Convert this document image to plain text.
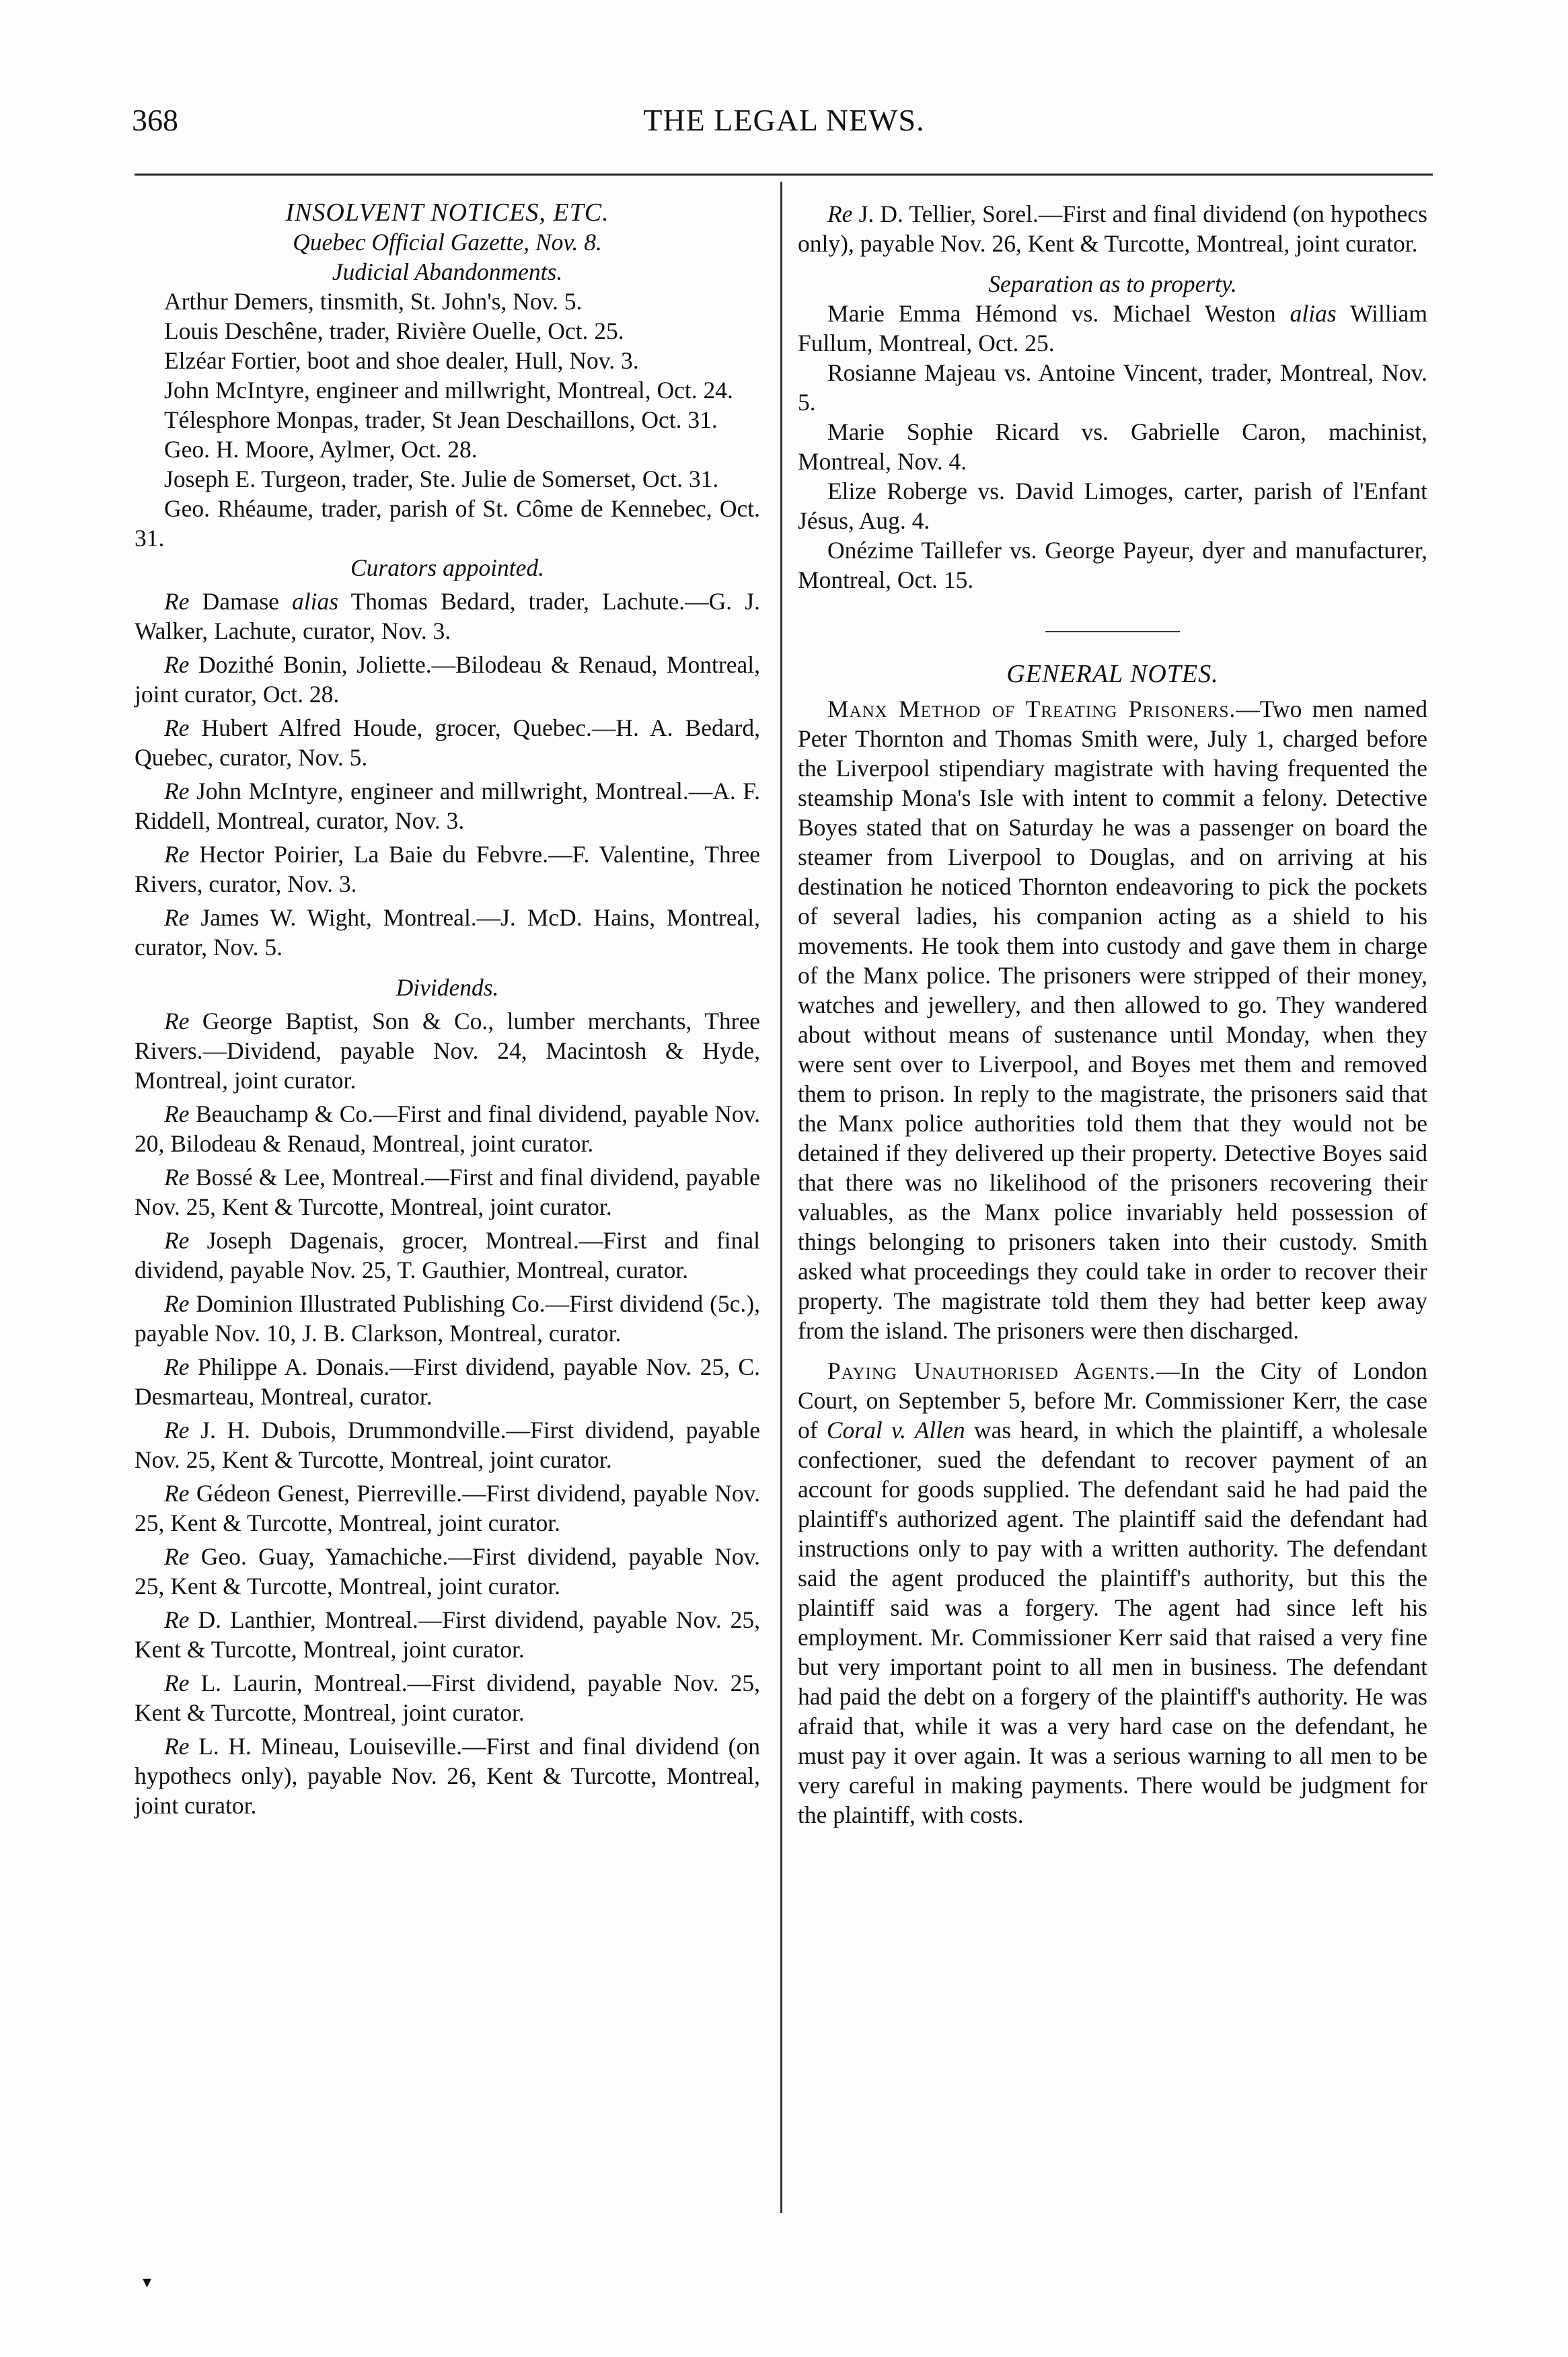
368	THE LEGAL NEWS.

INSOLVENT NOTICES, ETC.

Quebec Official Gazette, Nov. 8.

Judicial Abandonments.

Arthur Demers, tinsmith, St. John's, Nov. 5.

Louis Deschêne, trader, Rivière Ouelle, Oct. 25.

Elzéar Fortier, boot and shoe dealer, Hull, Nov. 3.

John McIntyre, engineer and millwright, Montreal, Oct. 24.

Télesphore Monpas, trader, St Jean Deschaillons, Oct. 31.

Geo. H. Moore, Aylmer, Oct. 28.

Joseph E. Turgeon, trader, Ste. Julie de Somerset, Oct. 31.

Geo. Rhéaume, trader, parish of St. Côme de Kennebec, Oct. 31.

Curators appointed.

Re Damase alias Thomas Bedard, trader, Lachute.—G. J. Walker, Lachute, curator, Nov. 3.

Re Dozithé Bonin, Joliette.—Bilodeau & Renaud, Montreal, joint curator, Oct. 28.

Re Hubert Alfred Houde, grocer, Quebec.—H. A. Bedard, Quebec, curator, Nov. 5.

Re John McIntyre, engineer and millwright, Montreal.—A. F. Riddell, Montreal, curator, Nov. 3.

Re Hector Poirier, La Baie du Febvre.—F. Valentine, Three Rivers, curator, Nov. 3.

Re James W. Wight, Montreal.—J. McD. Hains, Montreal, curator, Nov. 5.

Dividends.

Re George Baptist, Son & Co., lumber merchants, Three Rivers.—Dividend, payable Nov. 24, Macintosh & Hyde, Montreal, joint curator.

Re Beauchamp & Co.—First and final dividend, payable Nov. 20, Bilodeau & Renaud, Montreal, joint curator.

Re Bossé & Lee, Montreal.—First and final dividend, payable Nov. 25, Kent & Turcotte, Montreal, joint curator.

Re Joseph Dagenais, grocer, Montreal.—First and final dividend, payable Nov. 25, T. Gauthier, Montreal, curator.

Re Dominion Illustrated Publishing Co.—First dividend (5c.), payable Nov. 10, J. B. Clarkson, Montreal, curator.

Re Philippe A. Donais.—First dividend, payable Nov. 25, C. Desmarteau, Montreal, curator.

Re J. H. Dubois, Drummondville.—First dividend, payable Nov. 25, Kent & Turcotte, Montreal, joint curator.

Re Gédeon Genest, Pierreville.—First dividend, payable Nov. 25, Kent & Turcotte, Montreal, joint curator.

Re Geo. Guay, Yamachiche.—First dividend, payable Nov. 25, Kent & Turcotte, Montreal, joint curator.

Re D. Lanthier, Montreal.—First dividend, payable Nov. 25, Kent & Turcotte, Montreal, joint curator.

Re L. Laurin, Montreal.—First dividend, payable Nov. 25, Kent & Turcotte, Montreal, joint curator.

Re L. H. Mineau, Louiseville.—First and final dividend (on hypothecs only), payable Nov. 26, Kent & Turcotte, Montreal, joint curator.

Re J. D. Tellier, Sorel.—First and final dividend (on hypothecs only), payable Nov. 26, Kent & Turcotte, Montreal, joint curator.

Separation as to property.

Marie Emma Hémond vs. Michael Weston alias William Fullum, Montreal, Oct. 25.

Rosianne Majeau vs. Antoine Vincent, trader, Montreal, Nov. 5.

Marie Sophie Ricard vs. Gabrielle Caron, machinist, Montreal, Nov. 4.

Elize Roberge vs. David Limoges, carter, parish of l'Enfant Jésus, Aug. 4.

Onézime Taillefer vs. George Payeur, dyer and manufacturer, Montreal, Oct. 15.

GENERAL NOTES.

Manx Method of Treating Prisoners.—Two men named Peter Thornton and Thomas Smith were, July 1, charged before the Liverpool stipendiary magistrate with having frequented the steamship Mona's Isle with intent to commit a felony. Detective Boyes stated that on Saturday he was a passenger on board the steamer from Liverpool to Douglas, and on arriving at his destination he noticed Thornton endeavoring to pick the pockets of several ladies, his companion acting as a shield to his movements. He took them into custody and gave them in charge of the Manx police. The prisoners were stripped of their money, watches and jewellery, and then allowed to go. They wandered about without means of sustenance until Monday, when they were sent over to Liverpool, and Boyes met them and removed them to prison. In reply to the magistrate, the prisoners said that the Manx police authorities told them that they would not be detained if they delivered up their property. Detective Boyes said that there was no likelihood of the prisoners recovering their valuables, as the Manx police invariably held possession of things belonging to prisoners taken into their custody. Smith asked what proceedings they could take in order to recover their property. The magistrate told them they had better keep away from the island. The prisoners were then discharged.

Paying Unauthorised Agents.—In the City of London Court, on September 5, before Mr. Commissioner Kerr, the case of Coral v. Allen was heard, in which the plaintiff, a wholesale confectioner, sued the defendant to recover payment of an account for goods supplied. The defendant said he had paid the plaintiff's authorized agent. The plaintiff said the defendant had instructions only to pay with a written authority. The defendant said the agent produced the plaintiff's authority, but this the plaintiff said was a forgery. The agent had since left his employment. Mr. Commissioner Kerr said that raised a very fine but very important point to all men in business. The defendant had paid the debt on a forgery of the plaintiff's authority. He was afraid that, while it was a very hard case on the defendant, he must pay it over again. It was a serious warning to all men to be very careful in making payments. There would be judgment for the plaintiff, with costs.

▾
